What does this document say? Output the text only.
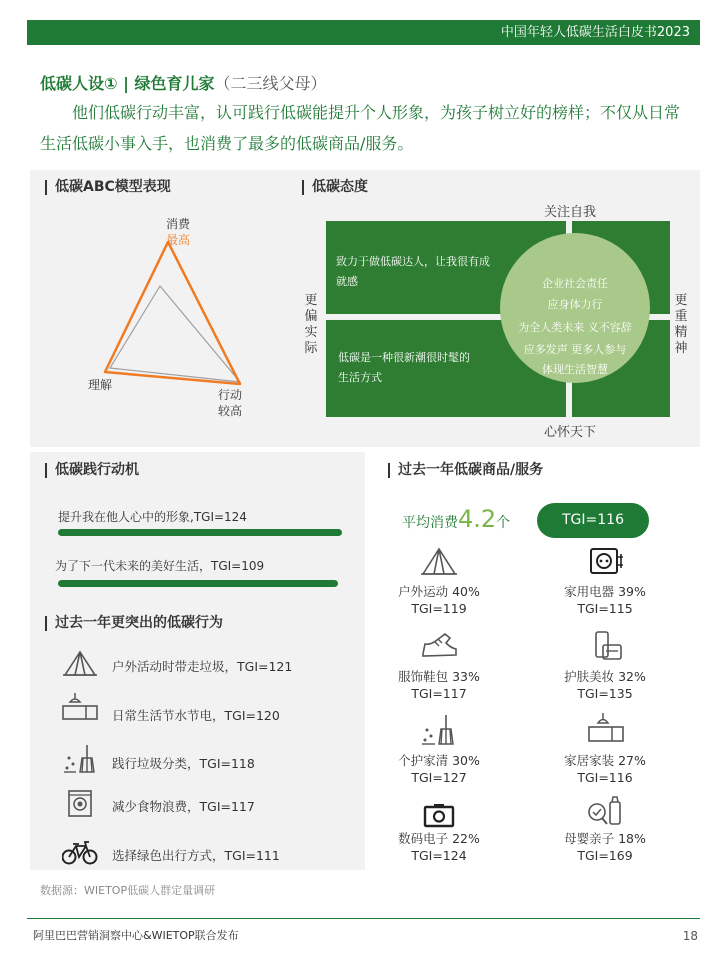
中国年轻人低碳生活白皮书2023
低碳人设① | 绿色育儿家（二三线父母）
他们低碳行动丰富，认可践行低碳能提升个人形象，为孩子树立好的榜样；不仅从日常生活低碳小事入手，也消费了最多的低碳商品/服务。
低碳ABC模型表现
消费
最高
理解
行动
较高
低碳态度
关注自我
心怀天下
更
偏
实
际
更
重
精
神
致力于做低碳达人，让我很有成
就感
低碳是一种很新潮很时髦的
生活方式
企业社会责任
应身体力行
为全人类未来 义不容辞
应多发声 更多人参与
体现生活智慧
低碳践行动机
提升我在他人心中的形象,TGI=124
为了下一代未来的美好生活，TGI=109
过去一年更突出的低碳行为
户外活动时带走垃圾，TGI=121
日常生活节水节电，TGI=120
践行垃圾分类，TGI=118
减少食物浪费，TGI=117
选择绿色出行方式，TGI=111
过去一年低碳商品/服务
平均消费4.2个	TGI=116
户外运动 40%
TGI=119
家用电器 39%
TGI=115
服饰鞋包 33%
TGI=117
护肤美妆 32%
TGI=135
个护家清 30%
TGI=127
家居家装 27%
TGI=116
数码电子 22%
TGI=124
母婴亲子 18%
TGI=169
数据源：WIETOP低碳人群定量调研
阿里巴巴营销洞察中心&WIETOP联合发布	18
